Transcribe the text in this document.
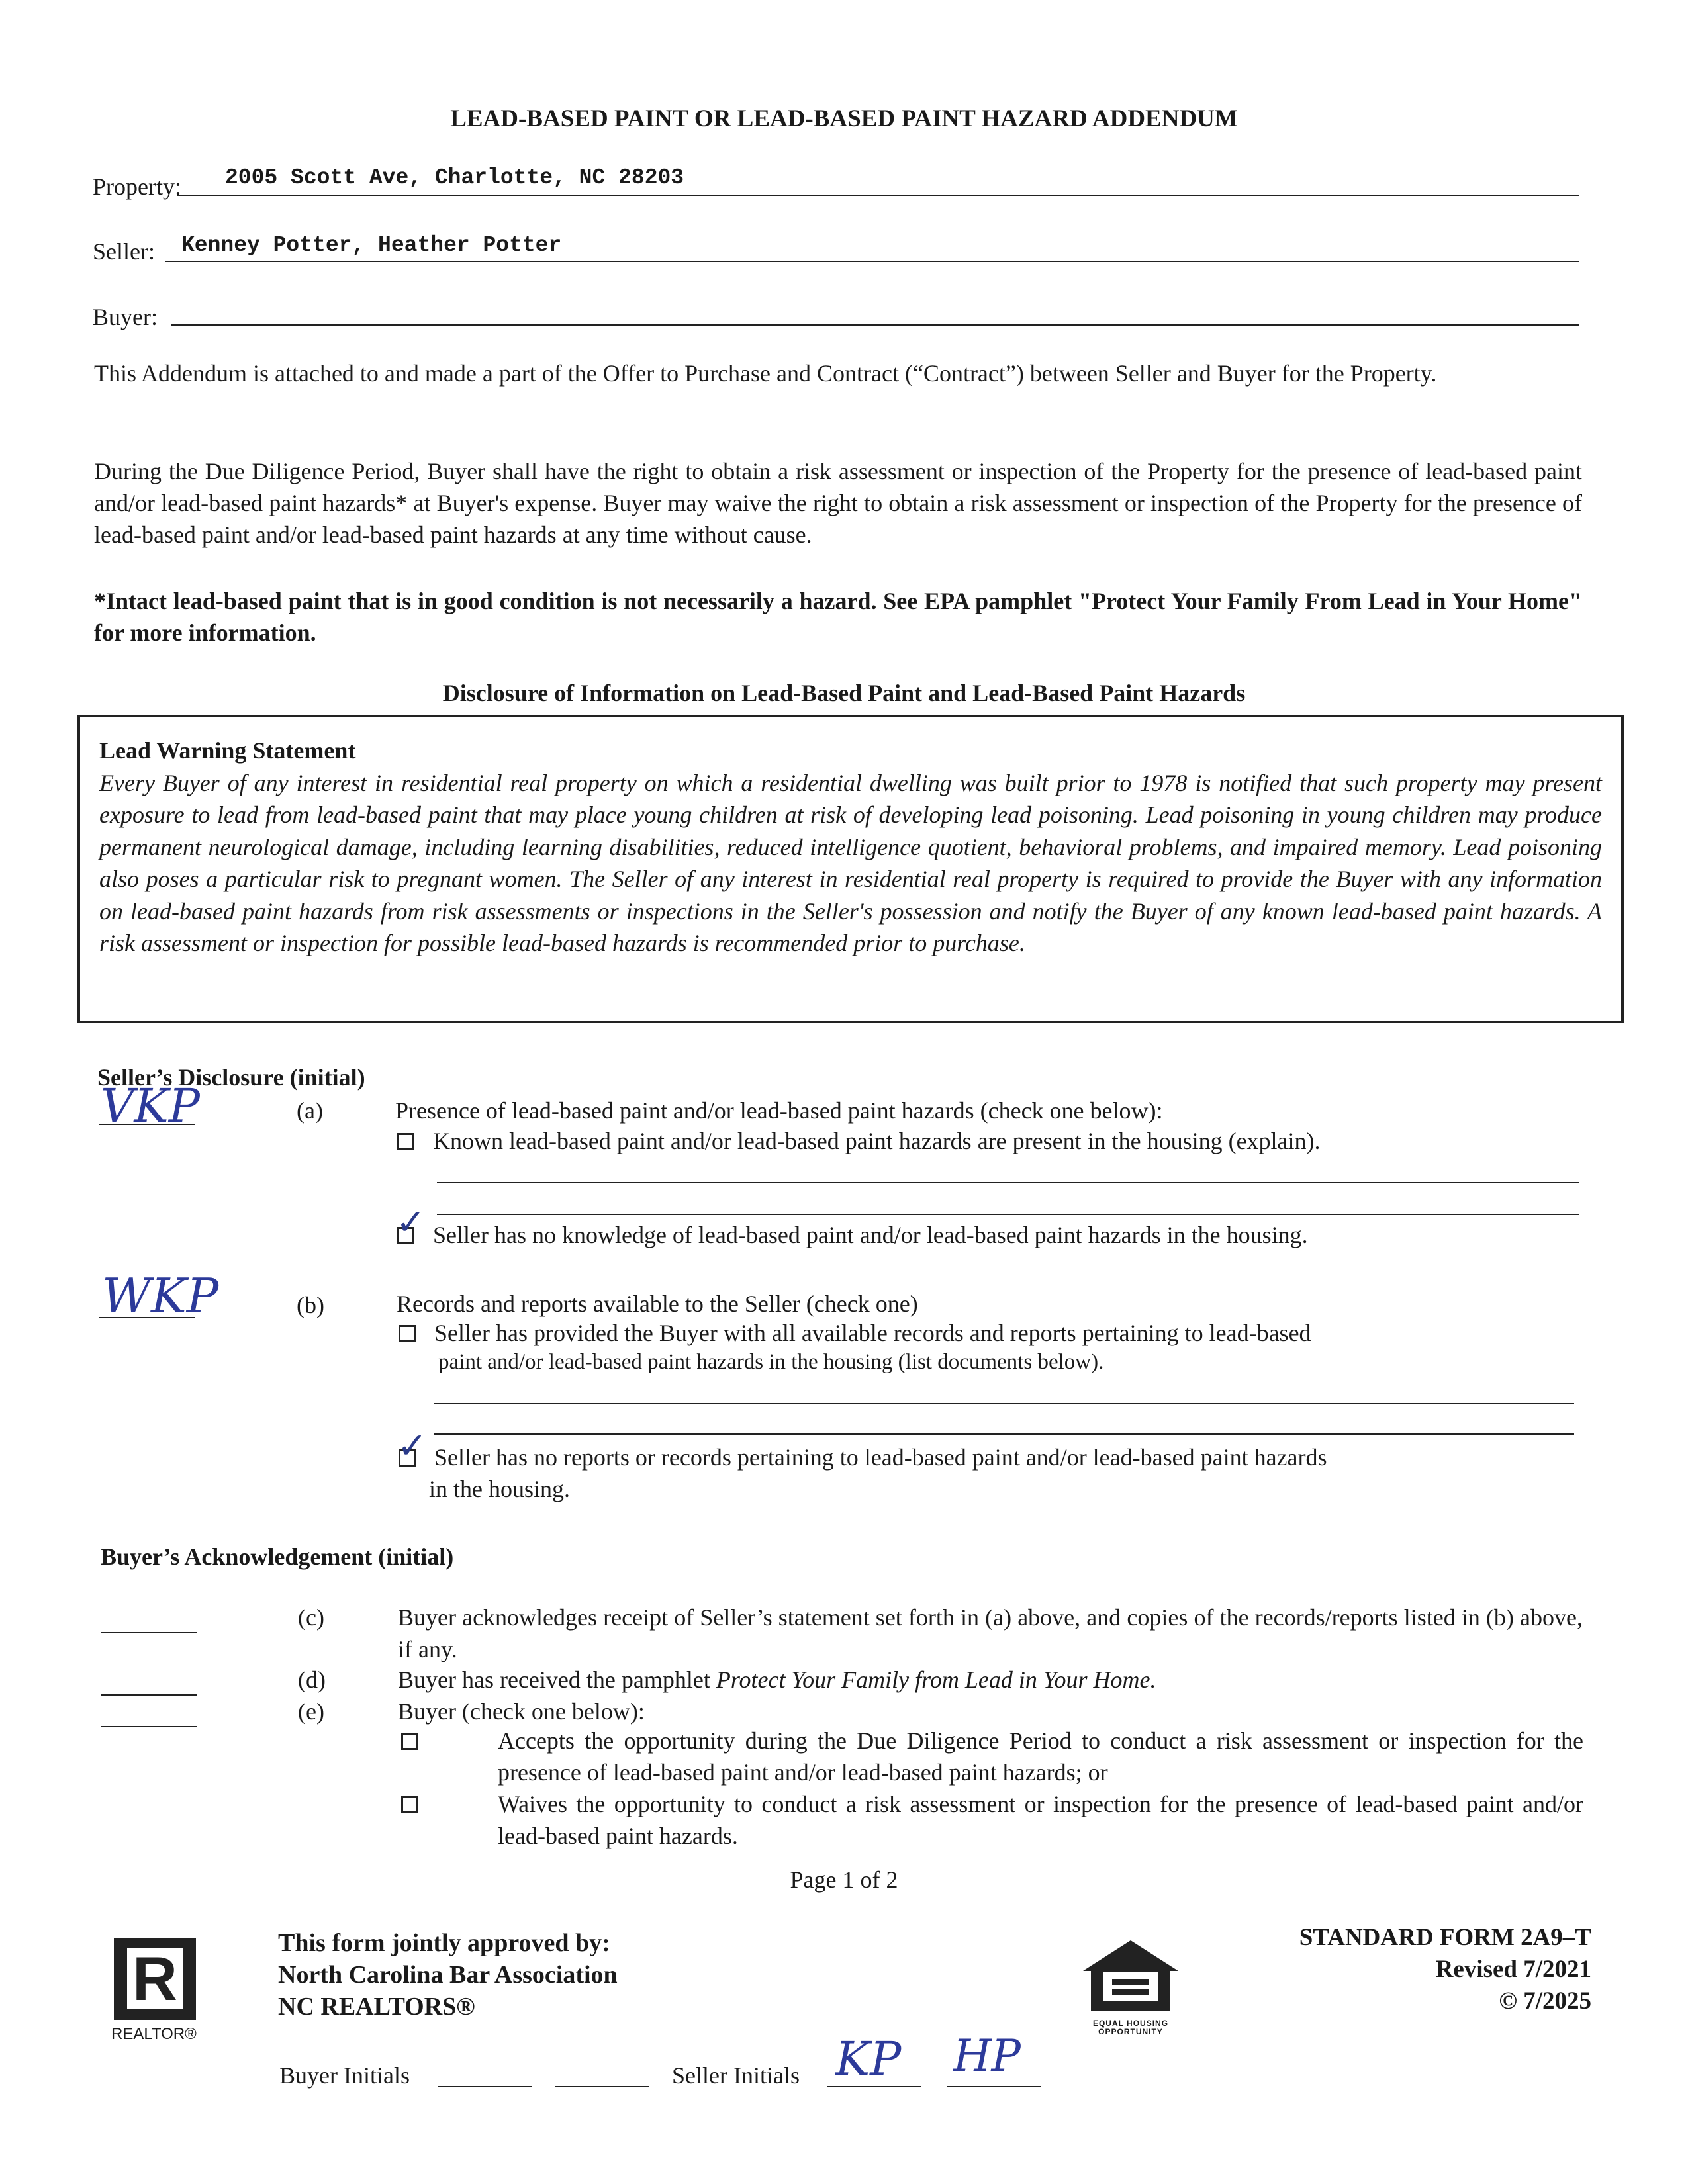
LEAD-BASED PAINT OR LEAD-BASED PAINT HAZARD ADDENDUM
Property: 2005 Scott Ave, Charlotte, NC 28203
Seller: Kenney Potter, Heather Potter
Buyer:
This Addendum is attached to and made a part of the Offer to Purchase and Contract (“Contract”) between Seller and Buyer for the Property.
During the Due Diligence Period, Buyer shall have the right to obtain a risk assessment or inspection of the Property for the presence of lead-based paint and/or lead-based paint hazards* at Buyer's expense. Buyer may waive the right to obtain a risk assessment or inspection of the Property for the presence of lead-based paint and/or lead-based paint hazards at any time without cause.
*Intact lead-based paint that is in good condition is not necessarily a hazard. See EPA pamphlet "Protect Your Family From Lead in Your Home" for more information.
Disclosure of Information on Lead-Based Paint and Lead-Based Paint Hazards
Lead Warning Statement
Every Buyer of any interest in residential real property on which a residential dwelling was built prior to 1978 is notified that such property may present exposure to lead from lead-based paint that may place young children at risk of developing lead poisoning. Lead poisoning in young children may produce permanent neurological damage, including learning disabilities, reduced intelligence quotient, behavioral problems, and impaired memory. Lead poisoning also poses a particular risk to pregnant women. The Seller of any interest in residential real property is required to provide the Buyer with any information on lead-based paint hazards from risk assessments or inspections in the Seller's possession and notify the Buyer of any known lead-based paint hazards. A risk assessment or inspection for possible lead-based hazards is recommended prior to purchase.
Seller’s Disclosure (initial)
VKP	(a)	Presence of lead-based paint and/or lead-based paint hazards (check one below):
Known lead-based paint and/or lead-based paint hazards are present in the housing (explain).
✓ Seller has no knowledge of lead-based paint and/or lead-based paint hazards in the housing.
WKP	(b)	Records and reports available to the Seller (check one)
Seller has provided the Buyer with all available records and reports pertaining to lead-based
paint and/or lead-based paint hazards in the housing (list documents below).
✓ Seller has no reports or records pertaining to lead-based paint and/or lead-based paint hazards
in the housing.
Buyer’s Acknowledgement (initial)
(c)	Buyer acknowledges receipt of Seller’s statement set forth in (a) above, and copies of the records/reports listed in (b) above, if any.
(d)	Buyer has received the pamphlet Protect Your Family from Lead in Your Home.
(e)	Buyer (check one below):
Accepts the opportunity during the Due Diligence Period to conduct a risk assessment or inspection for the presence of lead-based paint and/or lead-based paint hazards; or
Waives the opportunity to conduct a risk assessment or inspection for the presence of lead-based paint and/or lead-based paint hazards.
Page 1 of 2
R
REALTOR®
This form jointly approved by:
North Carolina Bar Association
NC REALTORS®
EQUAL HOUSING
OPPORTUNITY
STANDARD FORM 2A9–T
Revised 7/2021
© 7/2025
Buyer Initials	Seller Initials KP HP
